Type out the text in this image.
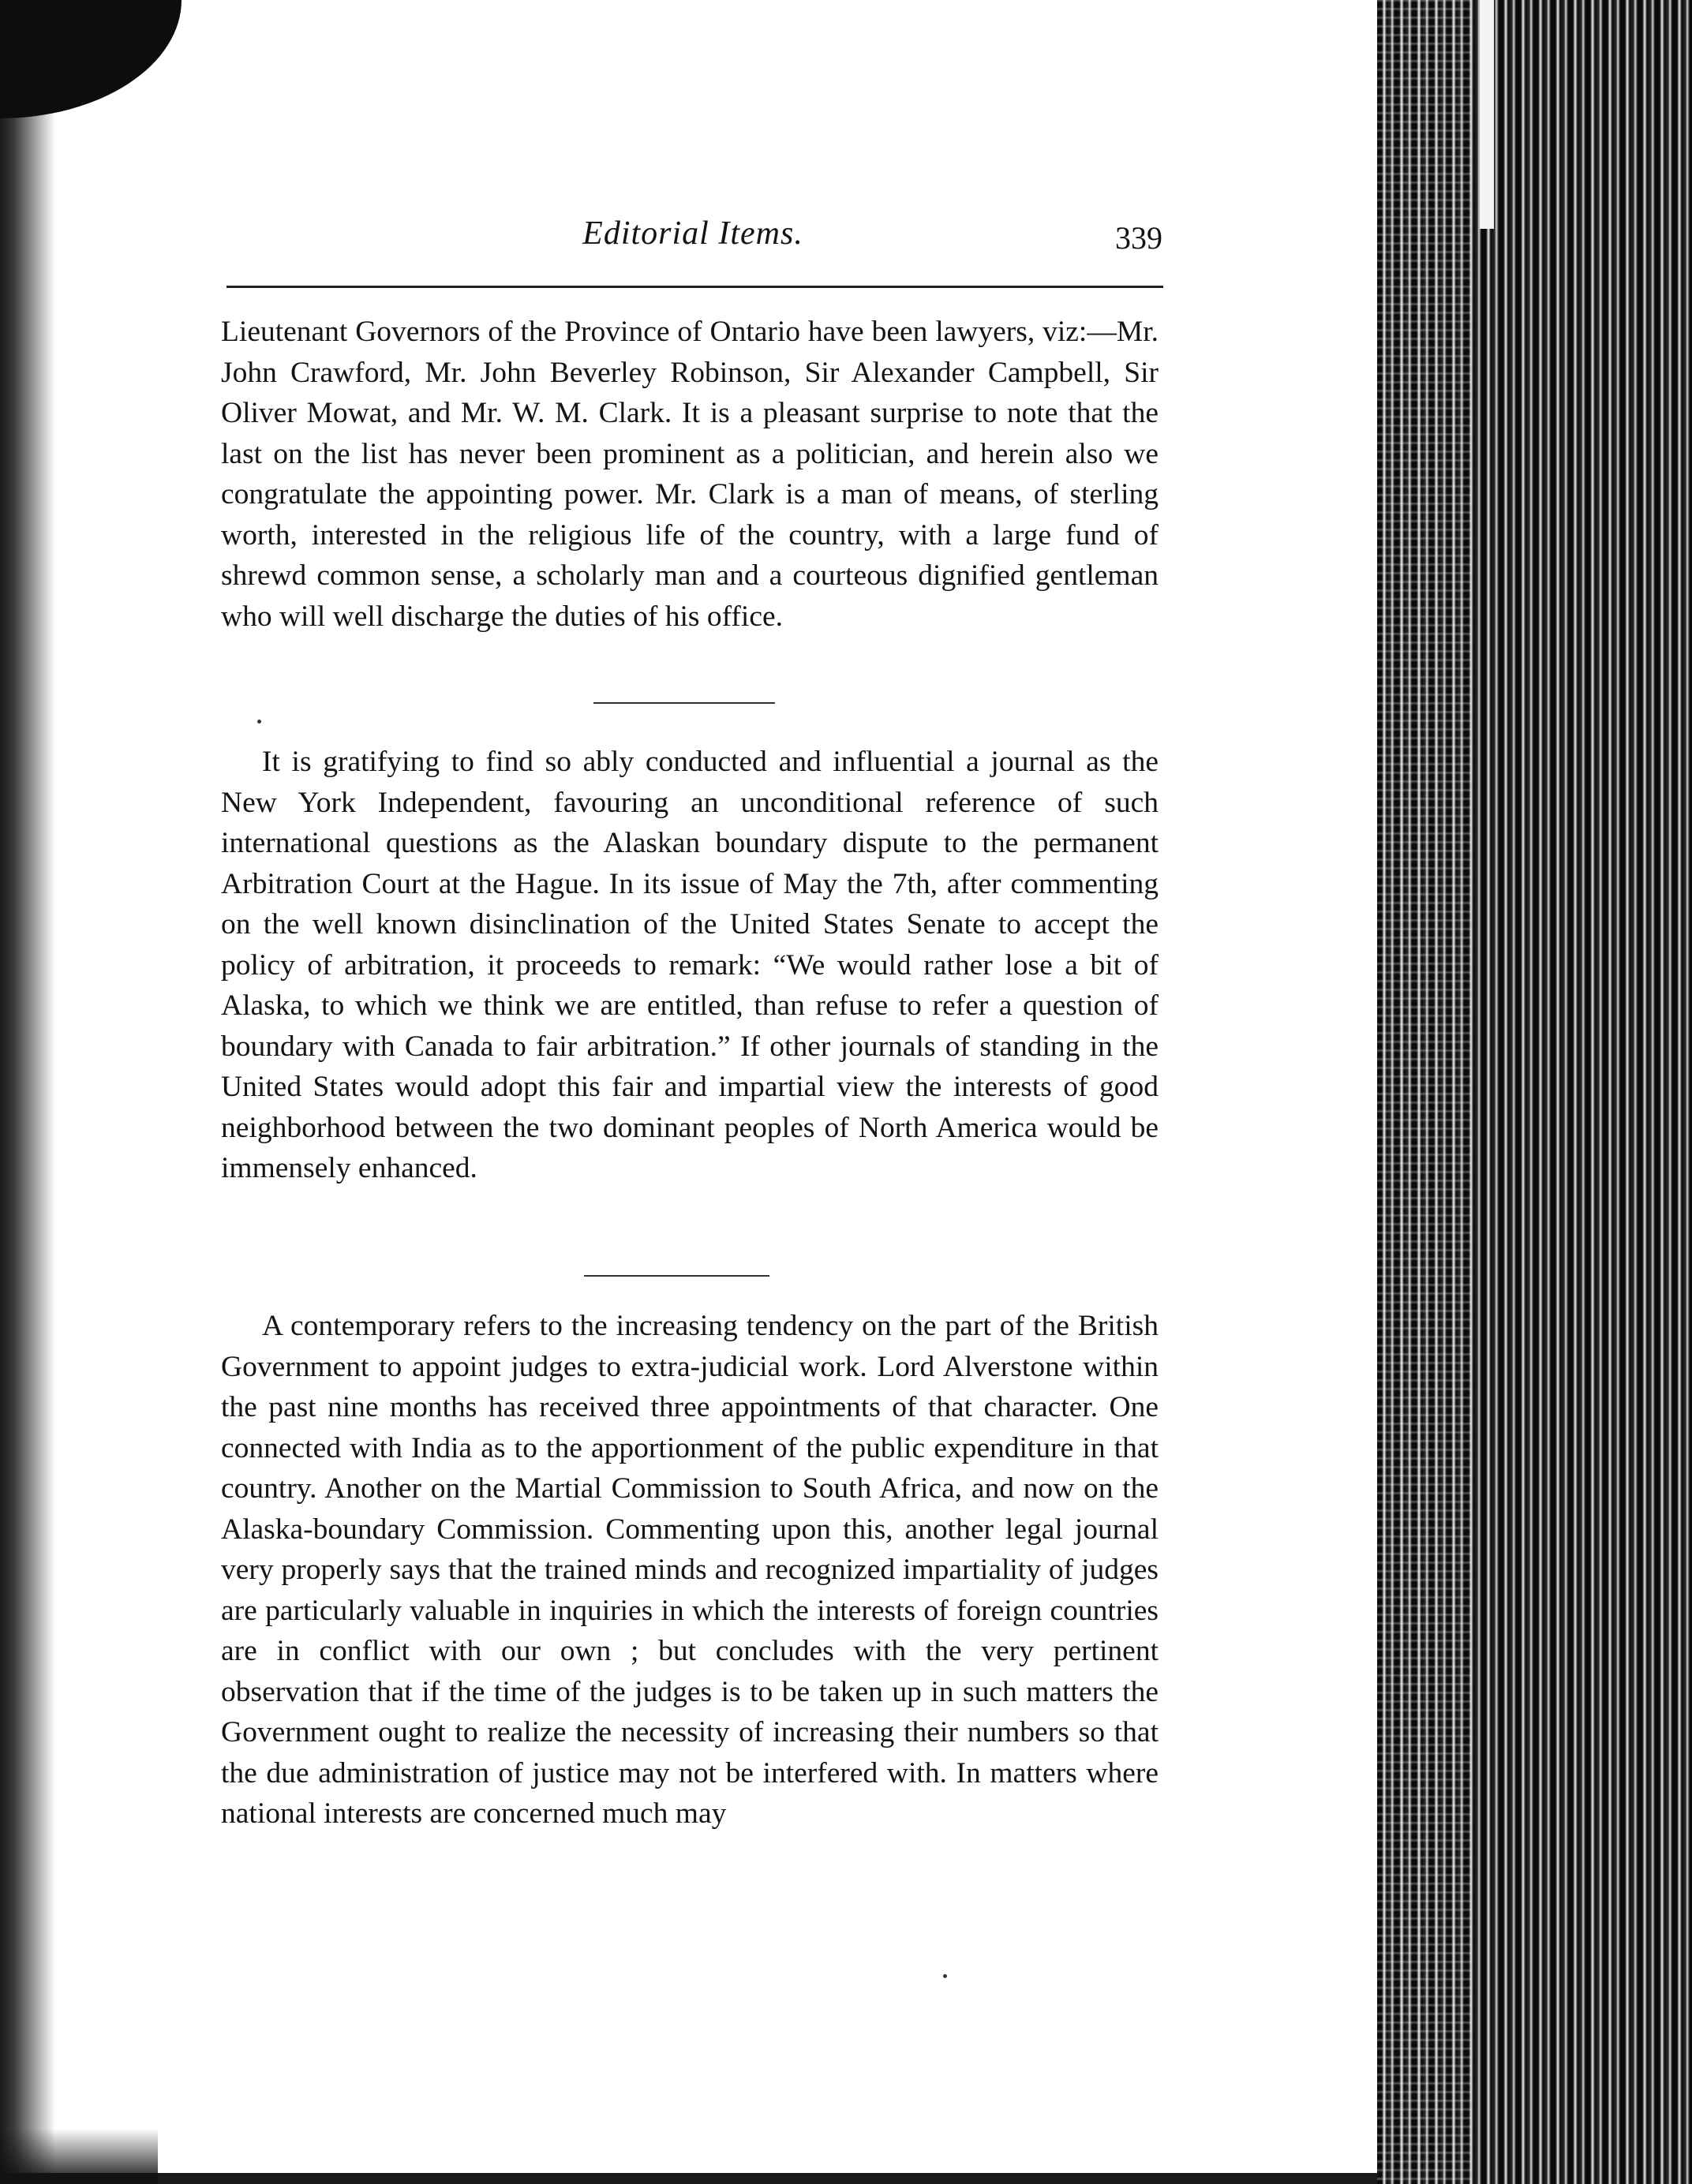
Editorial Items.	339

Lieutenant Governors of the Province of Ontario have been lawyers, viz:—Mr. John Crawford, Mr. John Beverley Robinson, Sir Alexander Campbell, Sir Oliver Mowat, and Mr. W. M. Clark. It is a pleasant surprise to note that the last on the list has never been prominent as a politician, and herein also we congratulate the appointing power. Mr. Clark is a man of means, of sterling worth, interested in the religious life of the country, with a large fund of shrewd common sense, a scholarly man and a courteous dignified gentleman who will well discharge the duties of his office.

It is gratifying to find so ably conducted and influential a journal as the New York Independent, favouring an unconditional reference of such international questions as the Alaskan boundary dispute to the permanent Arbitration Court at the Hague. In its issue of May the 7th, after commenting on the well known disinclination of the United States Senate to accept the policy of arbitration, it proceeds to remark: “We would rather lose a bit of Alaska, to which we think we are entitled, than refuse to refer a question of boundary with Canada to fair arbitration.” If other journals of standing in the United States would adopt this fair and impartial view the interests of good neighborhood between the two dominant peoples of North America would be immensely enhanced.

A contemporary refers to the increasing tendency on the part of the British Government to appoint judges to extra-judicial work. Lord Alverstone within the past nine months has received three appointments of that character. One connected with India as to the apportionment of the public expenditure in that country. Another on the Martial Commission to South Africa, and now on the Alaska-boundary Commission. Commenting upon this, another legal journal very properly says that the trained minds and recognized impartiality of judges are particularly valuable in inquiries in which the interests of foreign countries are in conflict with our own ; but concludes with the very pertinent observation that if the time of the judges is to be taken up in such matters the Government ought to realize the necessity of increasing their numbers so that the due administration of justice may not be interfered with. In matters where national interests are concerned much may
